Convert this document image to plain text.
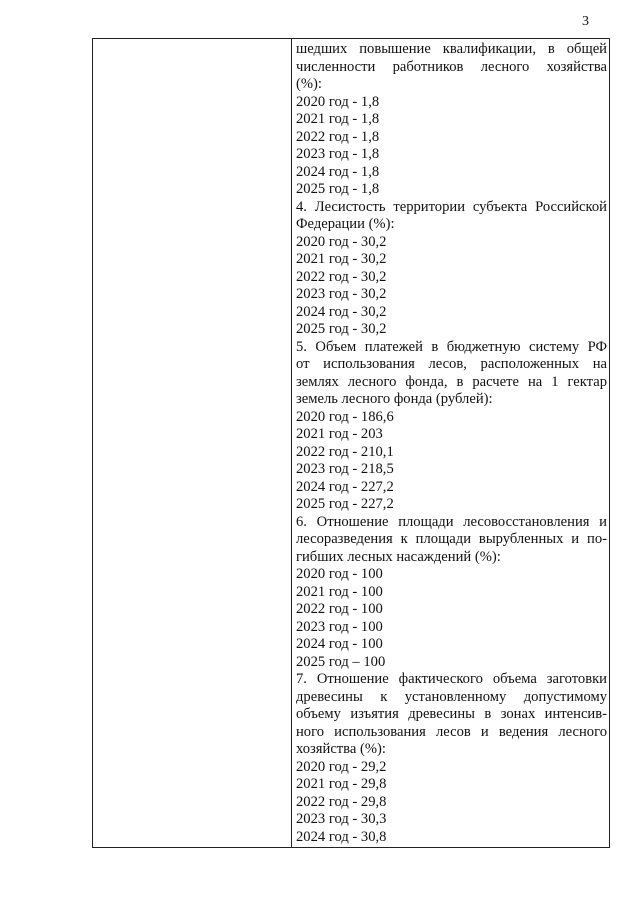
3
шедших повышение квалификации, в общей
численности работников лесного хозяйства
(%):
2020 год - 1,8
2021 год - 1,8
2022 год - 1,8
2023 год - 1,8
2024 год - 1,8
2025 год - 1,8
4. Лесистость территории субъекта Российской
Федерации (%):
2020 год - 30,2
2021 год - 30,2
2022 год - 30,2
2023 год - 30,2
2024 год - 30,2
2025 год - 30,2
5. Объем платежей в бюджетную систему РФ
от использования лесов, расположенных на
землях лесного фонда, в расчете на 1 гектар
земель лесного фонда (рублей):
2020 год - 186,6
2021 год - 203
2022 год - 210,1
2023 год - 218,5
2024 год - 227,2
2025 год - 227,2
6. Отношение площади лесовосстановления и
лесоразведения к площади вырубленных и по-
гибших лесных насаждений (%):
2020 год - 100
2021 год - 100
2022 год - 100
2023 год - 100
2024 год - 100
2025 год – 100
7. Отношение фактического объема заготовки
древесины к установленному допустимому
объему изъятия древесины в зонах интенсив-
ного использования лесов и ведения лесного
хозяйства (%):
2020 год - 29,2
2021 год - 29,8
2022 год - 29,8
2023 год - 30,3
2024 год - 30,8
